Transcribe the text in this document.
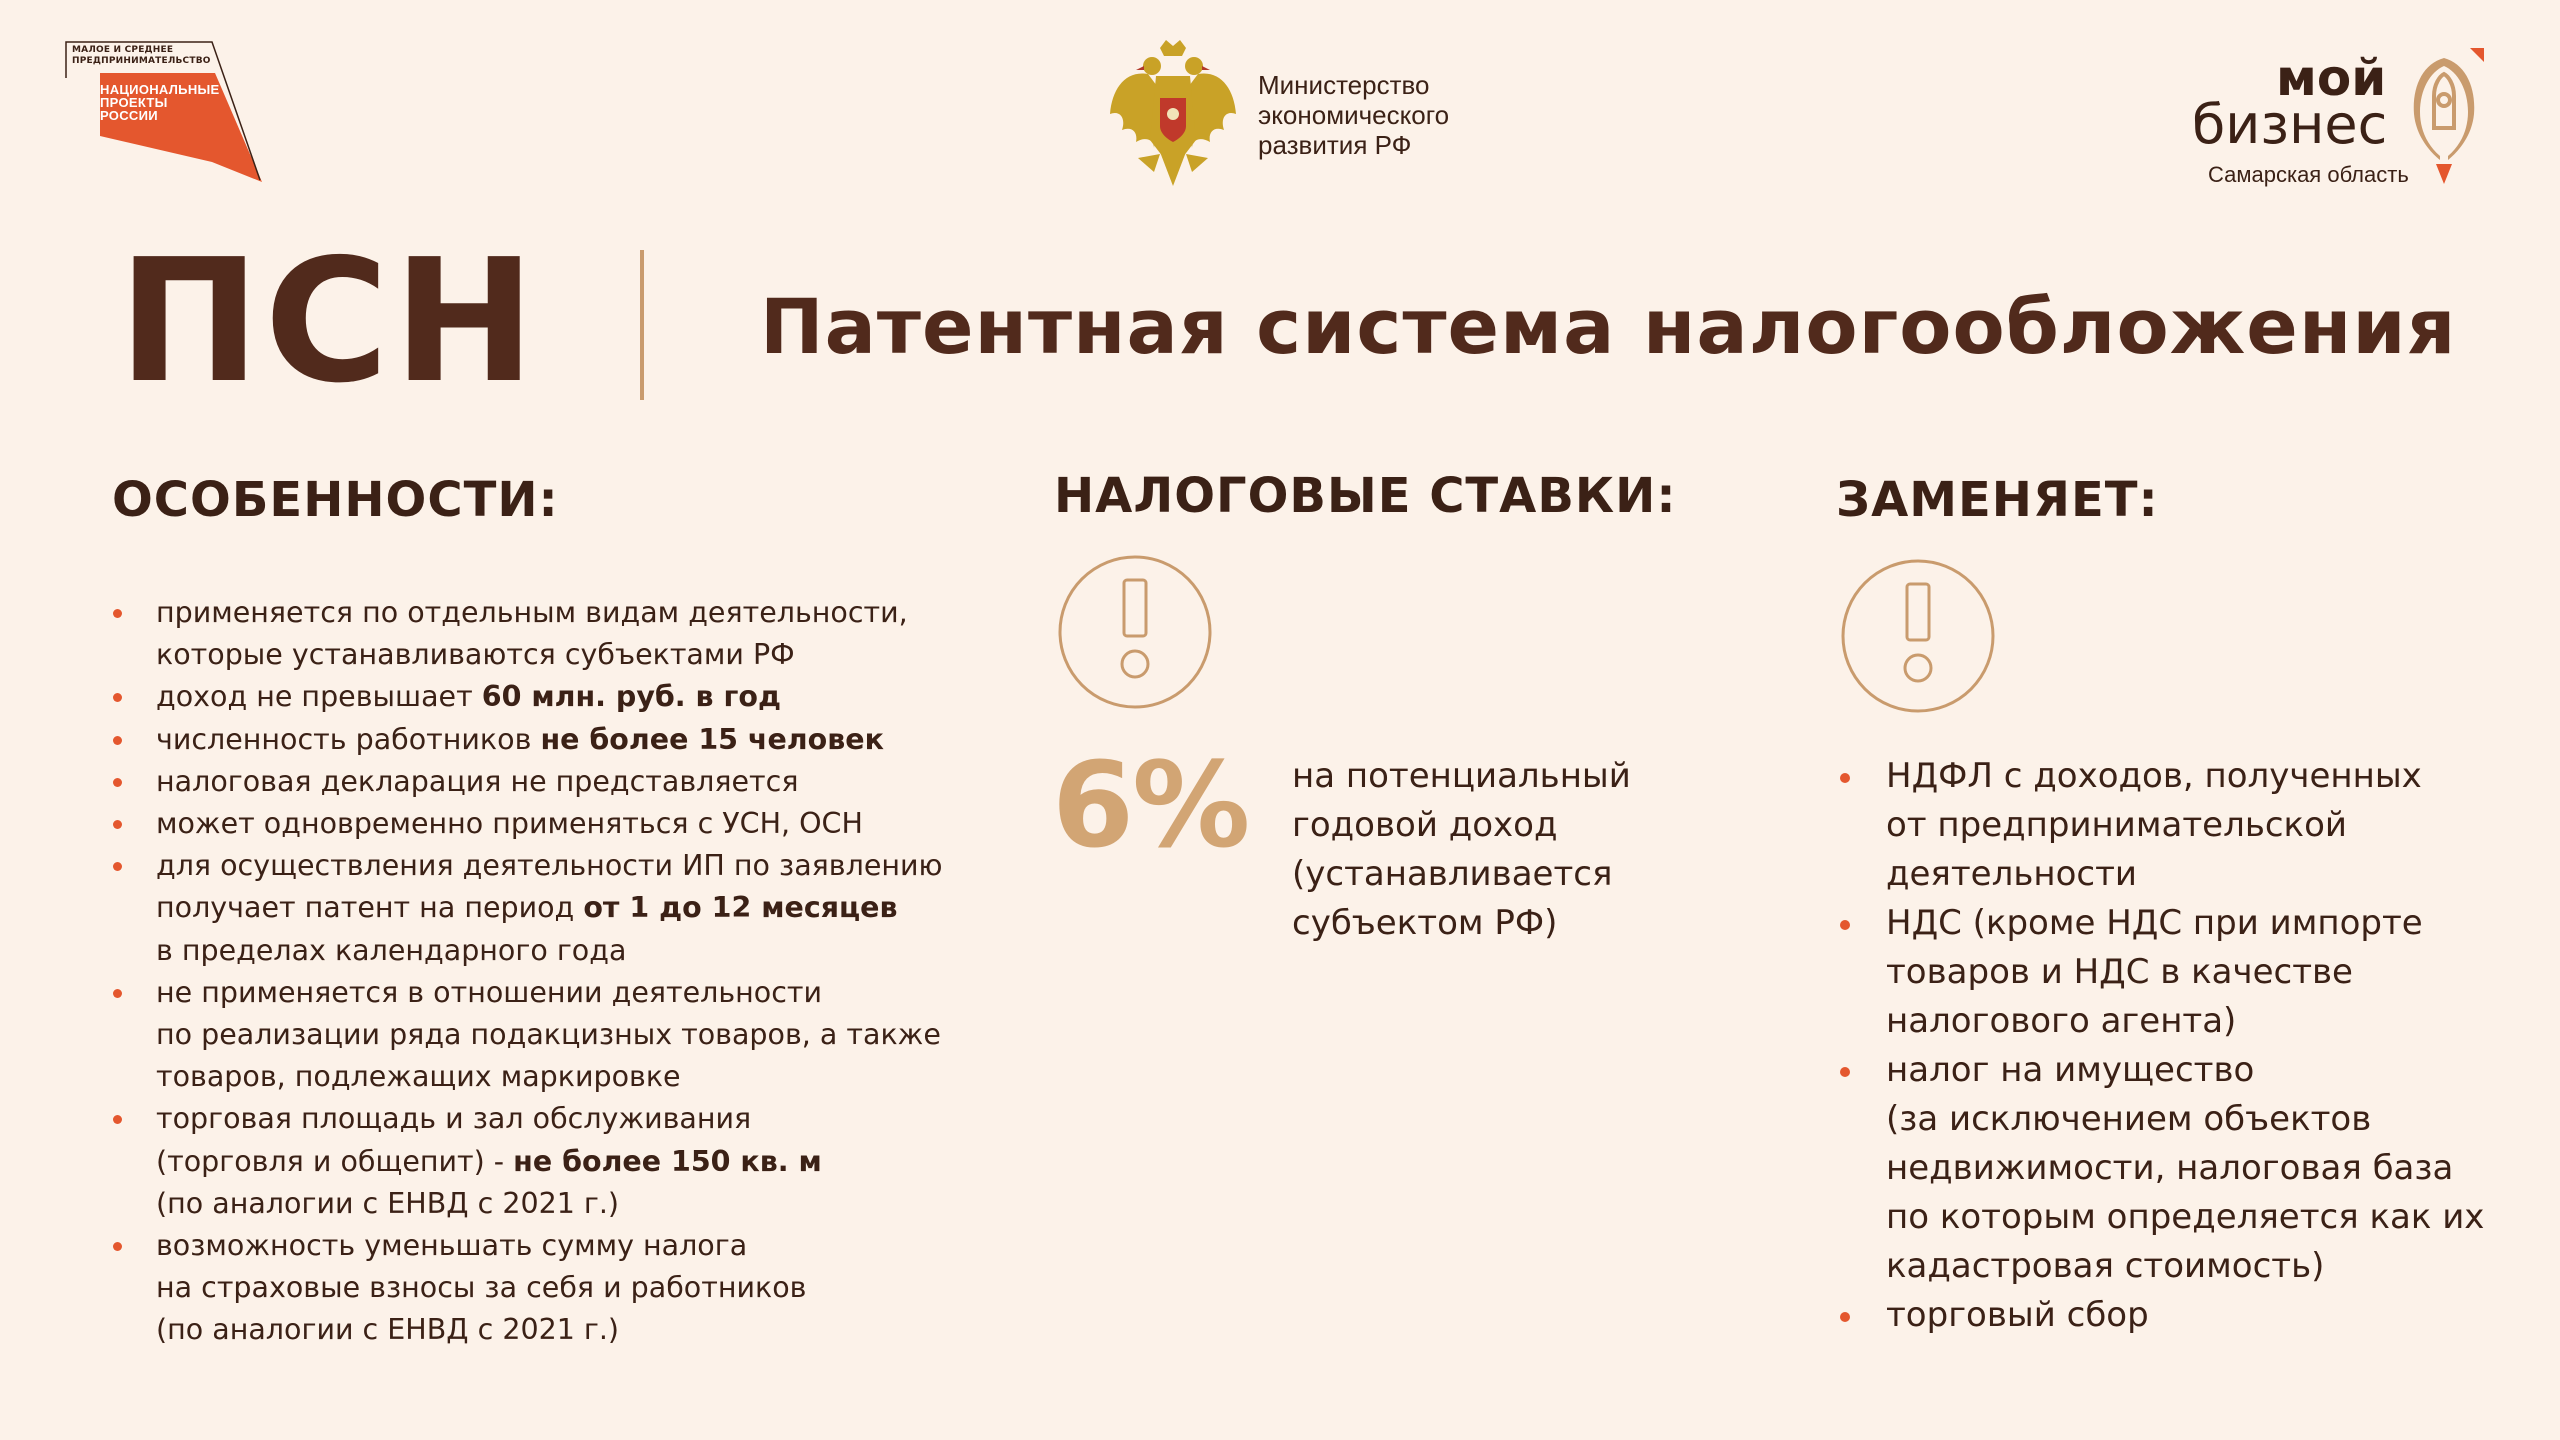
МАЛОЕ И СРЕДНЕЕ
ПРЕДПРИНИМАТЕЛЬСТВО
НАЦИОНАЛЬНЫЕ
ПРОЕКТЫ
РОССИИ
Министерство
экономического
развития РФ
мой
бизнес
Самарская область
ПСН	Патентная система налогообложения
ОСОБЕННОСТИ:	НАЛОГОВЫЕ СТАВКИ:	ЗАМЕНЯЕТ:
применяется по отдельным видам деятельности,
которые устанавливаются субъектами РФ
доход не превышает 60 млн. руб. в год
численность работников не более 15 человек
налоговая декларация не представляется
может одновременно применяться с УСН, ОСН
для осуществления деятельности ИП по заявлению
получает патент на период от 1 до 12 месяцев
в пределах календарного года
не применяется в отношении деятельности
по реализации ряда подакцизных товаров, а также
товаров, подлежащих маркировке
торговая площадь и зал обслуживания
(торговля и общепит) - не более 150 кв. м
(по аналогии с ЕНВД с 2021 г.)
возможность уменьшать сумму налога
на страховые взносы за себя и работников
(по аналогии с ЕНВД с 2021 г.)
6% на потенциальный
годовой доход
(устанавливается
субъектом РФ)
НДФЛ с доходов, полученных
от предпринимательской
деятельности
НДС (кроме НДС при импорте
товаров и НДС в качестве
налогового агента)
налог на имущество
(за исключением объектов
недвижимости, налоговая база
по которым определяется как их
кадастровая стоимость)
торговый сбор
